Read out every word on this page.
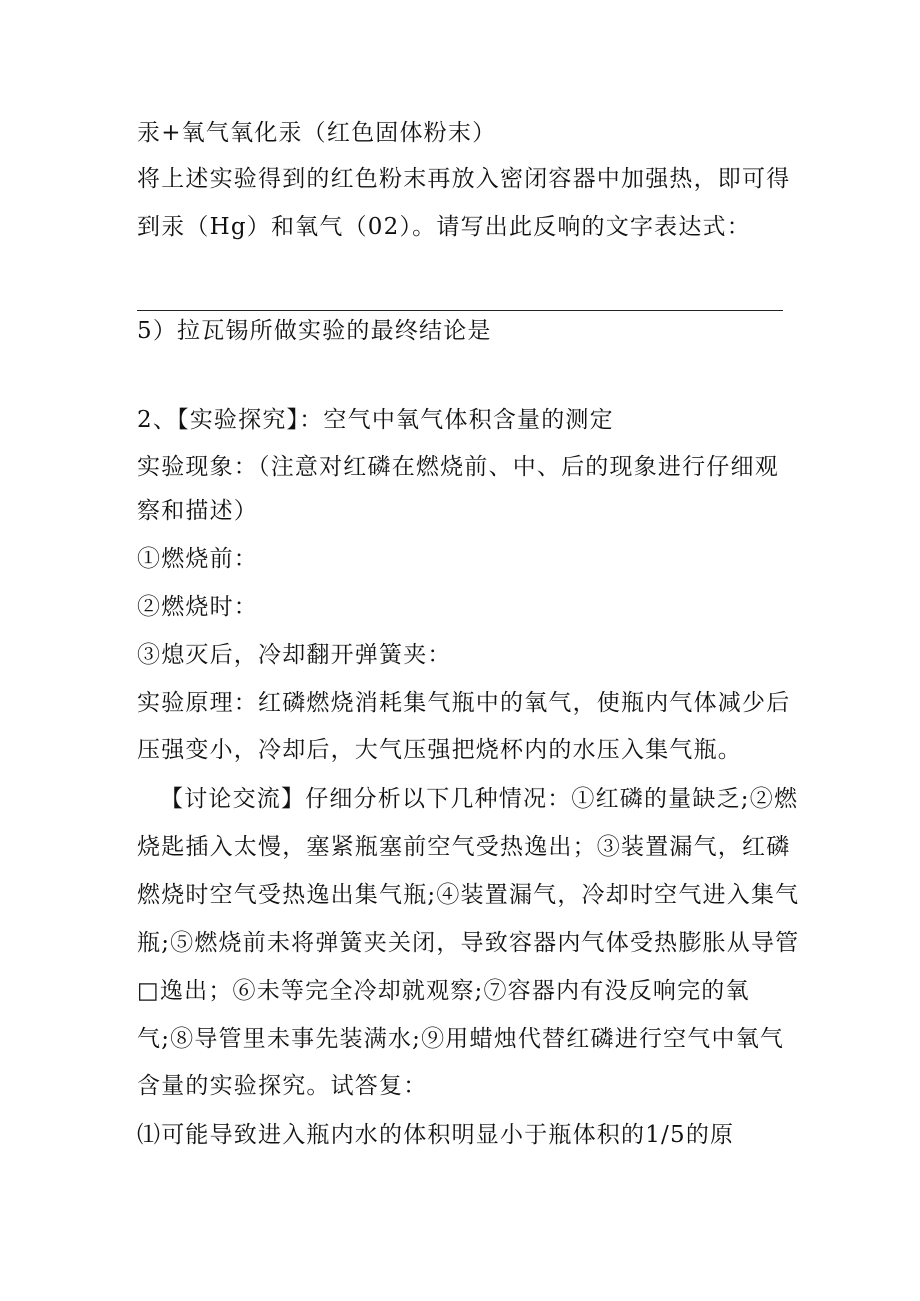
汞+氧气氧化汞（红色固体粉末）
将上述实验得到的红色粉末再放入密闭容器中加强热，即可得
到汞（Hg）和氧气（02）。请写出此反响的文字表达式：
5）拉瓦锡所做实验的最终结论是
2、【实验探究】：空气中氧气体积含量的测定
实验现象：（注意对红磷在燃烧前、中、后的现象进行仔细观
察和描述）
①燃烧前：
②燃烧时：
③熄灭后，冷却翻开弹簧夹：
实验原理：红磷燃烧消耗集气瓶中的氧气，使瓶内气体减少后
压强变小，冷却后，大气压强把烧杯内的水压入集气瓶。
【讨论交流】仔细分析以下几种情况：①红磷的量缺乏;②燃
烧匙插入太慢，塞紧瓶塞前空气受热逸出；③装置漏气，红磷
燃烧时空气受热逸出集气瓶;④装置漏气，冷却时空气进入集气
瓶;⑤燃烧前未将弹簧夹关闭，导致容器内气体受热膨胀从导管
□逸出；⑥未等完全冷却就观察;⑦容器内有没反响完的氧
气;⑧导管里未事先装满水;⑨用蜡烛代替红磷进行空气中氧气
含量的实验探究。试答复：
⑴可能导致进入瓶内水的体积明显小于瓶体积的1/5的原
